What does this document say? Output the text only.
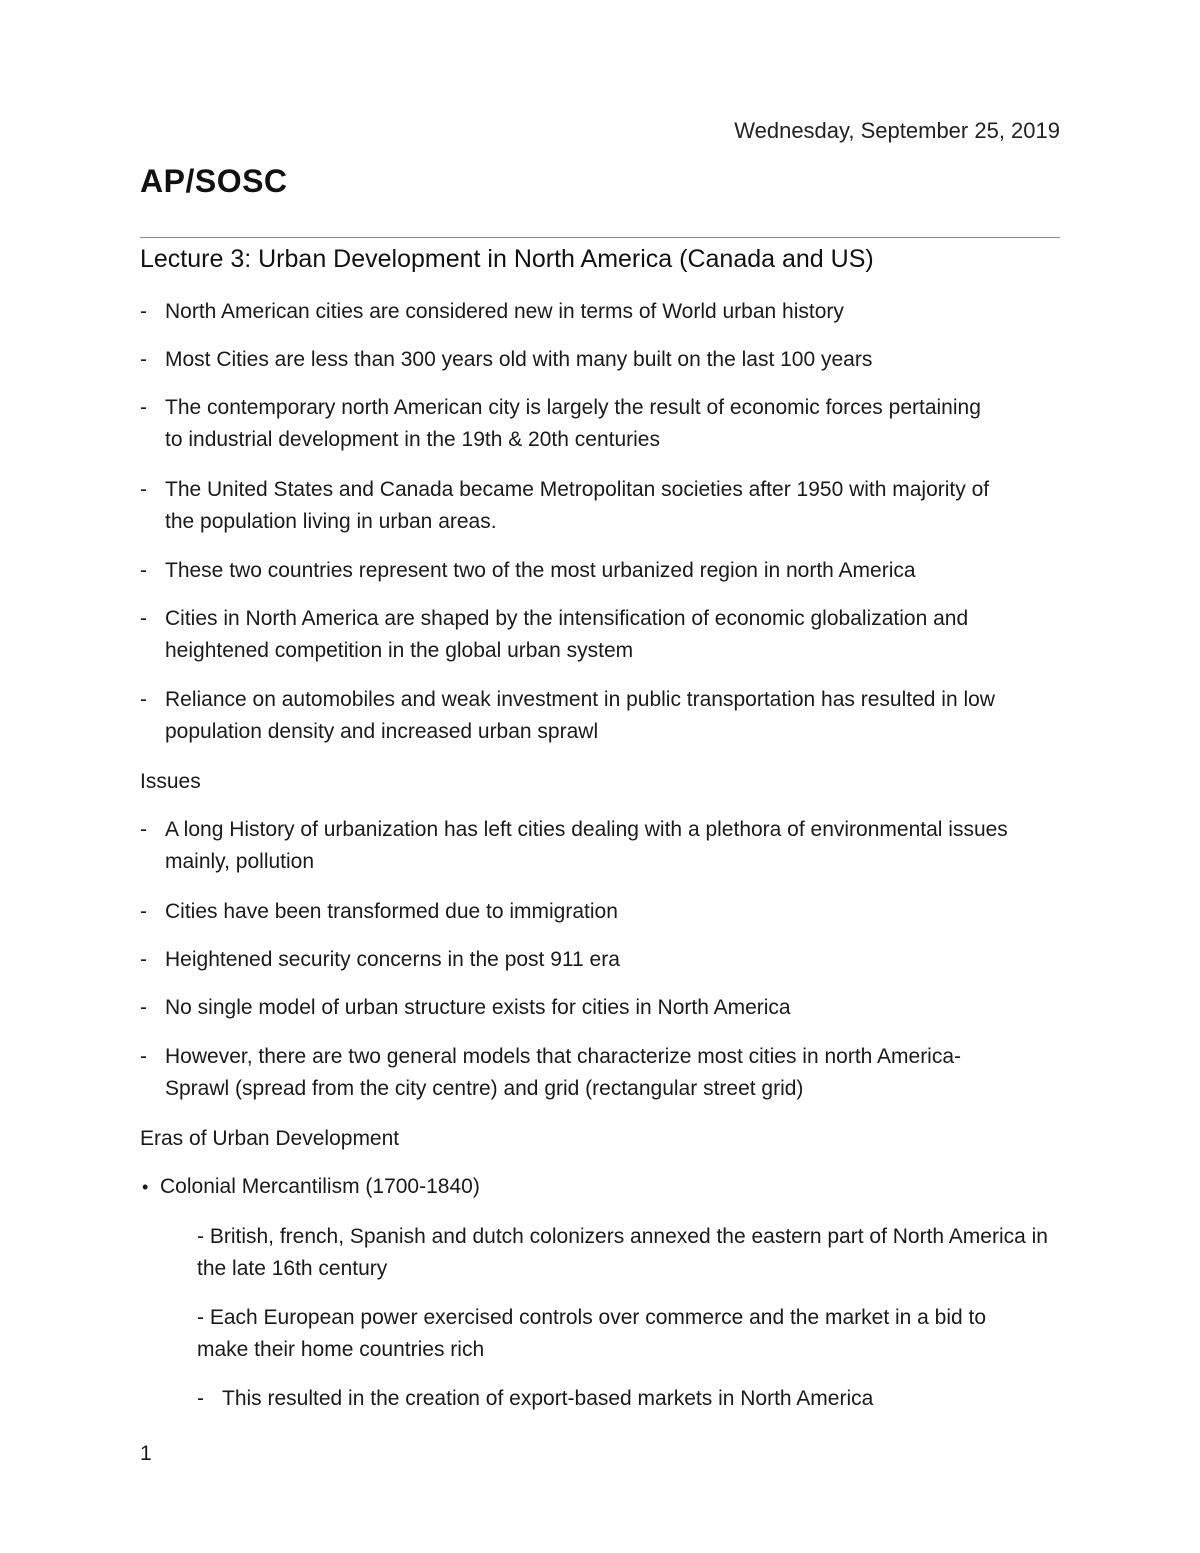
Wednesday, September 25, 2019
AP/SOSC
Lecture 3: Urban Development in North America (Canada and US)
- North American cities are considered new in terms of World urban history
- Most Cities are less than 300 years old with many built on the last 100 years
- The contemporary north American city is largely the result of economic forces pertaining to industrial development in the 19th & 20th centuries
- The United States and Canada became Metropolitan societies after 1950 with majority of the population living in urban areas.
- These two countries represent two of the most urbanized region in north America
- Cities in North America are shaped by the intensification of economic globalization and heightened competition in the global urban system
- Reliance on automobiles and weak investment in public transportation has resulted in low population density and increased urban sprawl
Issues
- A long History of urbanization has left cities dealing with a plethora of environmental issues mainly, pollution
- Cities have been transformed due to immigration
- Heightened security concerns in the post 911 era
- No single model of urban structure exists for cities in North America
- However, there are two general models that characterize most cities in north America- Sprawl (spread from the city centre) and grid (rectangular street grid)
Eras of Urban Development
• Colonial Mercantilism (1700-1840)
- British, french, Spanish and dutch colonizers annexed the eastern part of North America in the late 16th century
- Each European power exercised controls over commerce and the market in a bid to make their home countries rich
- This resulted in the creation of export-based markets in North America
1
